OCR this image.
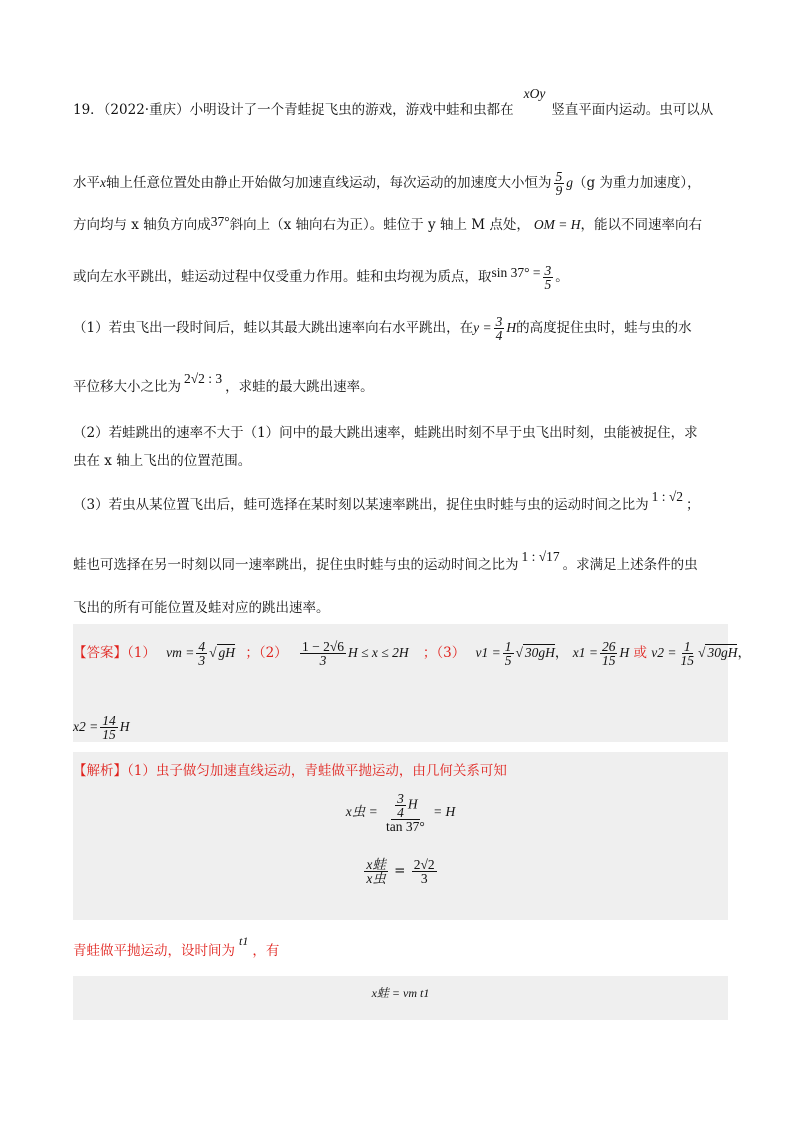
19．（2022·重庆）小明设计了一个青蛙捉飞虫的游戏，游戏中蛙和虫都在xOy竖直平面内运动。虫可以从
水平x轴上任意位置处由静止开始做匀加速直线运动，每次运动的加速度大小恒为 $\frac{5}{9} g(g$ 为重力加速度），
方向均与 x 轴负方向成37°斜向上（x 轴向右为正）。蛙位于 y 轴上 M 点处， OM = H，能以不同速率向右
或向左水平跳出，蛙运动过程中仅受重力作用。蛙和虫均视为质点，取$\sin 37^\circ = \frac{3}{5}$ 。
（1）若虫飞出一段时间后，蛙以其最大跳出速率向右水平跳出，在$y = \frac{3}{4}$ H的高度捉住虫时，蛙与虫的水
平位移大小之比为2√2 : 3，求蛙的最大跳出速率。
（2）若蛙跳出的速率不大于（1）问中的最大跳出速率，蛙跳出时刻不早于虫飞出时刻，虫能被捉住，求
虫在 x 轴上飞出的位置范围。
（3）若虫从某位置飞出后，蛙可选择在某时刻以某速率跳出，捉住虫时蛙与虫的运动时间之比为1 : √2；
蛙也可选择在另一时刻以同一速率跳出，捉住虫时蛙与虫的运动时间之比为1 : √17。求满足上述条件的虫
飞出的所有可能位置及蛙对应的跳出速率。
【答案】（1） vm = $\frac{4}{3}$ √ gH ；$(2) \frac{1 - 2√6}{3}$ H ≤ x ≤ 2H ；（3） $v1 = \frac{1}{5}$ √ 30gH， $x1 = \frac{26}{15}$ H 或 $v2 = \frac{1}{15}$ √ 30gH，
$x2 = \frac{14}{15}$ H
【解析】（1）虫子做匀加速直线运动，青蛙做平抛运动，由几何关系可知
x虫 = $\frac{\frac{3}{4} H}{\tan 37^\circ} = H$
$\frac{\text{x蛙}}{\text{x虫}} = \frac{2√2}{3}$
青蛙做平抛运动，设时间为t1，有
x蛙 = vm t1
